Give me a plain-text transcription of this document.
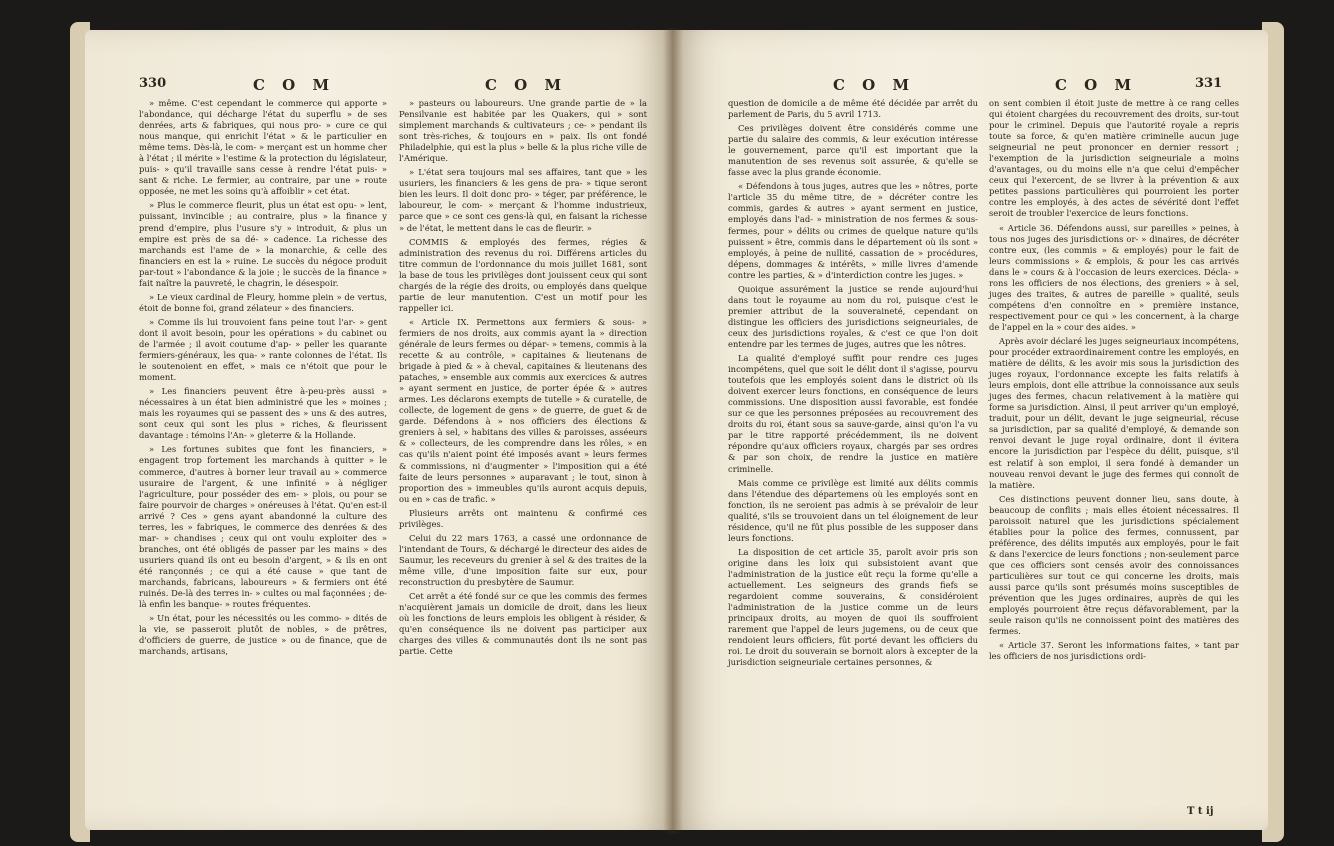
330	C O M	C O M

» même. C'est cependant le commerce qui apporte » l'abondance, qui décharge l'état du superflu » de ses denrées, arts & fabriques, qui nous pro- » cure ce qui nous manque, qui enrichit l'état » & le particulier en même tems. Dès-là, le com- » merçant est un homme cher à l'état ; il mérite » l'estime & la protection du législateur, puis- » qu'il travaille sans cesse à rendre l'état puis- » sant & riche. Le fermier, au contraire, par une » route opposée, ne met les soins qu'à affoiblir » cet état.

» Plus le commerce fleurit, plus un état est opu- » lent, puissant, invincible ; au contraire, plus » la finance y prend d'empire, plus l'usure s'y » introduit, & plus un empire est près de sa dé- » cadence. La richesse des marchands est l'ame de » la monarchie, & celle des financiers en est la » ruine. Le succès du négoce produit par-tout » l'abondance & la joie ; le succès de la finance » fait naître la pauvreté, le chagrin, le désespoir.

» Le vieux cardinal de Fleury, homme plein » de vertus, étoit de bonne foi, grand zélateur » des financiers.

» Comme ils lui trouvoient fans peine tout l'ar- » gent dont il avoit besoin, pour les opérations » du cabinet ou de l'armée ; il avoit coutume d'ap- » peller les quarante fermiers-généraux, les qua- » rante colonnes de l'état. Ils le soutenoient en effet, » mais ce n'étoit que pour le moment.

» Les financiers peuvent être à-peu-près aussi » nécessaires à un état bien administré que les » moines ; mais les royaumes qui se passent des » uns & des autres, sont ceux qui sont les plus » riches, & fleurissent davantage : témoins l'An- » gleterre & la Hollande.

» Les fortunes subites que font les financiers, » engagent trop fortement les marchands à quitter » le commerce, d'autres à borner leur travail au » commerce usuraire de l'argent, & une infinité » à négliger l'agriculture, pour posséder des em- » plois, ou pour se faire pourvoir de charges » onéreuses à l'état. Qu'en est-il arrivé ? Ces » gens ayant abandonné la culture des terres, les » fabriques, le commerce des denrées & des mar- » chandises ; ceux qui ont voulu exploiter des » branches, ont été obligés de passer par les mains » des usuriers quand ils ont eu besoin d'argent, » & ils en ont été rançonnés ; ce qui a été cause » que tant de marchands, fabricans, laboureurs » & fermiers ont été ruinés. De-là des terres in- » cultes ou mal façonnées ; de-là enfin les banque- » routes fréquentes.

» Un état, pour les nécessités ou les commo- » dités de la vie, se passeroit plutôt de nobles, » de prêtres, d'officiers de guerre, de justice » ou de finance, que de marchands, artisans,

» pasteurs ou laboureurs. Une grande partie de » la Pensilvanie est habitée par les Quakers, qui » sont simplement marchands & cultivateurs ; ce- » pendant ils sont très-riches, & toujours en » paix. Ils ont fondé Philadelphie, qui est la plus » belle & la plus riche ville de l'Amérique.

» L'état sera toujours mal ses affaires, tant que » les usuriers, les financiers & les gens de pra- » tique seront bien les leurs. Il doit donc pro- » téger, par préférence, le laboureur, le com- » merçant & l'homme industrieux, parce que » ce sont ces gens-là qui, en faisant la richesse » de l'état, le mettent dans le cas de fleurir. »

COMMIS & employés des fermes, régies & administration des revenus du roi. Différens articles du titre commun de l'ordonnance du mois juillet 1681, sont la base de tous les privilèges dont jouissent ceux qui sont chargés de la régie des droits, ou employés dans quelque partie de leur manutention. C'est un motif pour les rappeller ici.

« Article IX. Permettons aux fermiers & sous- » fermiers de nos droits, aux commis ayant la » direction générale de leurs fermes ou dépar- » temens, commis à la recette & au contrôle, » capitaines & lieutenans de brigade à pied & » à cheval, capitaines & lieutenans des pataches, » ensemble aux commis aux exercices & autres » ayant serment en justice, de porter épée & » autres armes. Les déclarons exempts de tutelle » & curatelle, de collecte, de logement de gens » de guerre, de guet & de garde. Défendons à » nos officiers des élections & greniers à sel, » habitans des villes & paroisses, asséeurs & » collecteurs, de les comprendre dans les rôles, » en cas qu'ils n'aient point été imposés avant » leurs fermes & commissions, ni d'augmenter » l'imposition qui a été faite de leurs personnes » auparavant ; le tout, sinon à proportion des » immeubles qu'ils auront acquis depuis, ou en » cas de trafic. »

Plusieurs arrêts ont maintenu & confirmé ces privilèges.

Celui du 22 mars 1763, a cassé une ordonnance de l'intendant de Tours, & déchargé le directeur des aides de Saumur, les receveurs du grenier à sel & des traites de la même ville, d'une imposition faite sur eux, pour reconstruction du presbytère de Saumur.

Cet arrêt a été fondé sur ce que les commis des fermes n'acquièrent jamais un domicile de droit, dans les lieux où les fonctions de leurs emplois les obligent à résider, & qu'en conséquence ils ne doivent pas participer aux charges des villes & communautés dont ils ne sont pas partie. Cette

C O M	C O M	331

question de domicile a de même été décidée par arrêt du parlement de Paris, du 5 avril 1713.

Ces privilèges doivent être considérés comme une partie du salaire des commis, & leur exécution intéresse le gouvernement, parce qu'il est important que la manutention de ses revenus soit assurée, & qu'elle se fasse avec la plus grande économie.

« Défendons à tous juges, autres que les » nôtres, porte l'article 35 du même titre, de » décréter contre les commis, gardes & autres » ayant serment en justice, employés dans l'ad- » ministration de nos fermes & sous-fermes, pour » délits ou crimes de quelque nature qu'ils puissent » être, commis dans le département où ils sont » employés, à peine de nullité, cassation de » procédures, dépens, dommages & intérêts, » mille livres d'amende contre les parties, & » d'interdiction contre les juges. »

Quoique assurément la justice se rende aujourd'hui dans tout le royaume au nom du roi, puisque c'est le premier attribut de la souveraineté, cependant on distingue les officiers des jurisdictions seigneuriales, de ceux des jurisdictions royales, & c'est ce que l'on doit entendre par les termes de juges, autres que les nôtres.

La qualité d'employé suffit pour rendre ces juges incompétens, quel que soit le délit dont il s'agisse, pourvu toutefois que les employés soient dans le district où ils doivent exercer leurs fonctions, en conséquence de leurs commissions. Une disposition aussi favorable, est fondée sur ce que les personnes préposées au recouvrement des droits du roi, étant sous sa sauve-garde, ainsi qu'on l'a vu par le titre rapporté précédemment, ils ne doivent répondre qu'aux officiers royaux, chargés par ses ordres & par son choix, de rendre la justice en matière criminelle.

Mais comme ce privilège est limité aux délits commis dans l'étendue des départemens où les employés sont en fonction, ils ne seroient pas admis à se prévaloir de leur qualité, s'ils se trouvoient dans un tel éloignement de leur résidence, qu'il ne fût plus possible de les supposer dans leurs fonctions.

La disposition de cet article 35, paroît avoir pris son origine dans les loix qui subsistoient avant que l'administration de la justice eût reçu la forme qu'elle a actuellement. Les seigneurs des grands fiefs se regardoient comme souverains, & considéroient l'administration de la justice comme un de leurs principaux droits, au moyen de quoi ils souffroient rarement que l'appel de leurs jugemens, ou de ceux que rendoient leurs officiers, fût porté devant les officiers du roi. Le droit du souverain se bornoit alors à excepter de la jurisdiction seigneuriale certaines personnes, &

on sent combien il étoit juste de mettre à ce rang celles qui étoient chargées du recouvrement des droits, sur-tout pour le criminel. Depuis que l'autorité royale a repris toute sa force, & qu'en matière criminelle aucun juge seigneurial ne peut prononcer en dernier ressort ; l'exemption de la jurisdiction seigneuriale a moins d'avantages, ou du moins elle n'a que celui d'empêcher ceux qui l'exercent, de se livrer à la prévention & aux petites passions particulières qui pourroient les porter contre les employés, à des actes de sévérité dont l'effet seroit de troubler l'exercice de leurs fonctions.

« Article 36. Défendons aussi, sur pareilles » peines, à tous nos juges des jurisdictions or- » dinaires, de décréter contre eux, (les commis » & employés) pour le fait de leurs commissions » & emplois, & pour les cas arrivés dans le » cours & à l'occasion de leurs exercices. Décla- » rons les officiers de nos élections, des greniers » à sel, juges des traites, & autres de pareille » qualité, seuls compétens d'en connoître en » première instance, respectivement pour ce qui » les concernent, à la charge de l'appel en la » cour des aides. »

Après avoir déclaré les juges seigneuriaux incompétens, pour procéder extraordinairement contre les employés, en matière de délits, & les avoir mis sous la jurisdiction des juges royaux, l'ordonnance excepte les faits relatifs à leurs emplois, dont elle attribue la connoissance aux seuls juges des fermes, chacun relativement à la matière qui forme sa jurisdiction. Ainsi, il peut arriver qu'un employé, traduit, pour un délit, devant le juge seigneurial, récuse sa jurisdiction, par sa qualité d'employé, & demande son renvoi devant le juge royal ordinaire, dont il évitera encore la jurisdiction par l'espèce du délit, puisque, s'il est relatif à son emploi, il sera fondé à demander un nouveau renvoi devant le juge des fermes qui connoît de la matière.

Ces distinctions peuvent donner lieu, sans doute, à beaucoup de conflits ; mais elles étoient nécessaires. Il paroissoit naturel que les jurisdictions spécialement établies pour la police des fermes, connussent, par préférence, des délits imputés aux employés, pour le fait & dans l'exercice de leurs fonctions ; non-seulement parce que ces officiers sont censés avoir des connoissances particulières sur tout ce qui concerne les droits, mais aussi parce qu'ils sont présumés moins susceptibles de prévention que les juges ordinaires, auprès de qui les employés pourroient être reçus défavorablement, par la seule raison qu'ils ne connoissent point des matières des fermes.

« Article 37. Seront les informations faites, » tant par les officiers de nos jurisdictions ordi-

T t ij
